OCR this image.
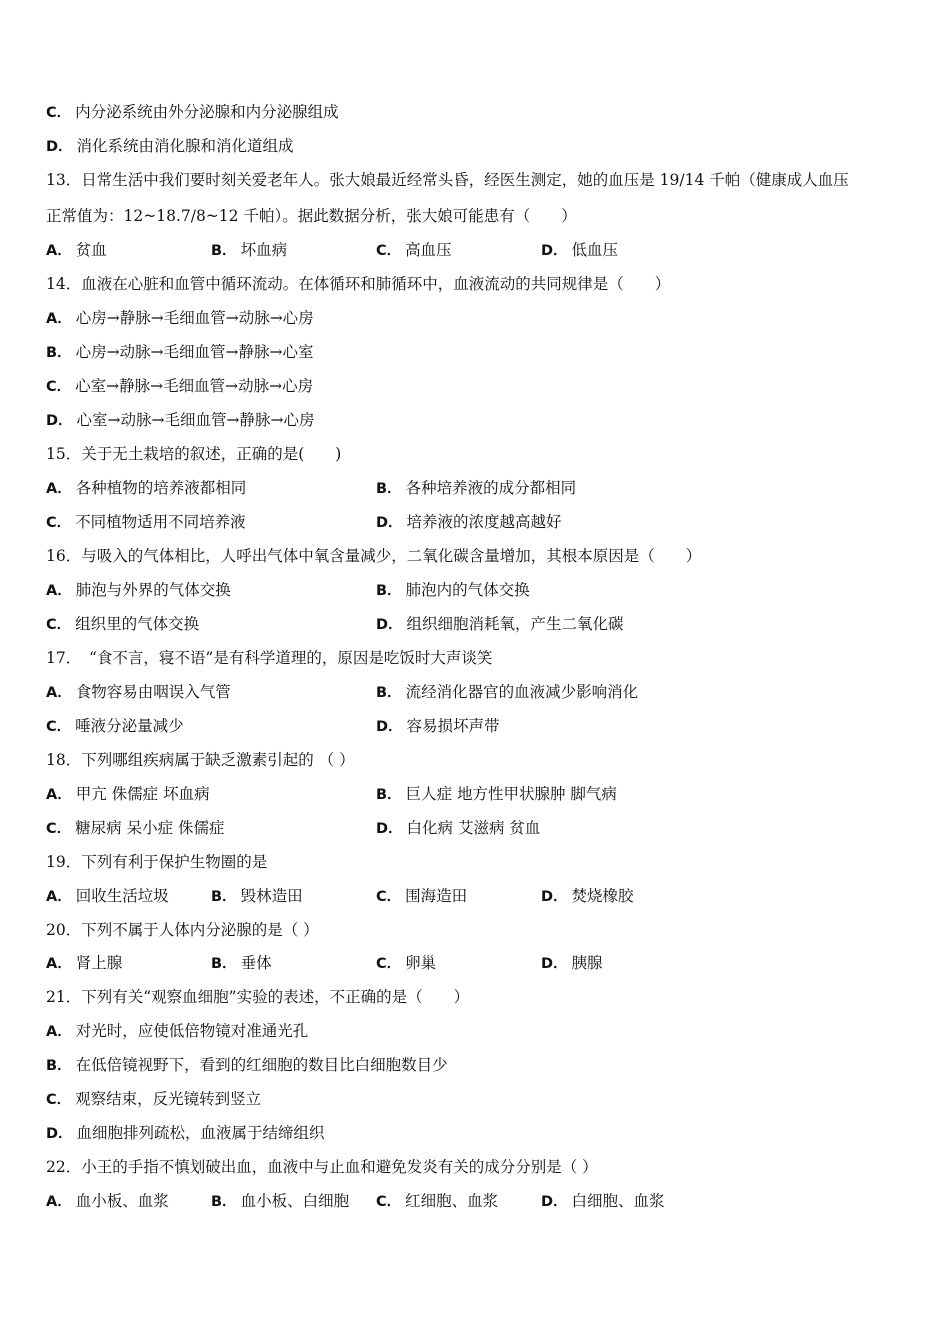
C． 内分泌系统由外分泌腺和内分泌腺组成
D． 消化系统由消化腺和消化道组成
13．日常生活中我们要时刻关爱老年人。张大娘最近经常头昏，经医生测定，她的血压是 19/14 千帕（健康成人血压
正常值为：12~18.7/8~12 千帕）。据此数据分析，张大娘可能患有（　　）
A． 贫血	B． 坏血病	C． 高血压	D． 低血压
14．血液在心脏和血管中循环流动。在体循环和肺循环中，血液流动的共同规律是（　　）
A． 心房→静脉→毛细血管→动脉→心房
B． 心房→动脉→毛细血管→静脉→心室
C． 心室→静脉→毛细血管→动脉→心房
D． 心室→动脉→毛细血管→静脉→心房
15．关于无土栽培的叙述，正确的是(　　)
A． 各种植物的培养液都相同	B． 各种培养液的成分都相同
C． 不同植物适用不同培养液	D． 培养液的浓度越高越好
16．与吸入的气体相比，人呼出气体中氧含量减少，二氧化碳含量增加，其根本原因是（　　）
A． 肺泡与外界的气体交换	B． 肺泡内的气体交换
C． 组织里的气体交换	D． 组织细胞消耗氧，产生二氧化碳
17．　“食不言，寝不语”是有科学道理的，原因是吃饭时大声谈笑
A． 食物容易由咽误入气管	B． 流经消化器官的血液减少影响消化
C． 唾液分泌量减少	D． 容易损坏声带
18．下列哪组疾病属于缺乏激素引起的 （ ）
A． 甲亢 侏儒症 坏血病	B． 巨人症 地方性甲状腺肿 脚气病
C． 糖尿病 呆小症 侏儒症	D． 白化病 艾滋病 贫血
19．下列有利于保护生物圈的是
A． 回收生活垃圾	B． 毁林造田	C． 围海造田	D． 焚烧橡胶
20．下列不属于人体内分泌腺的是（ ）
A． 肾上腺	B． 垂体	C． 卵巢	D． 胰腺
21．下列有关“观察血细胞”实验的表述，不正确的是（　　）
A． 对光时，应使低倍物镜对准通光孔
B． 在低倍镜视野下，看到的红细胞的数目比白细胞数目少
C． 观察结束，反光镜转到竖立
D． 血细胞排列疏松，血液属于结缔组织
22．小王的手指不慎划破出血，血液中与止血和避免发炎有关的成分分别是（ ）
A． 血小板、血浆	B． 血小板、白细胞 C． 红细胞、血浆	D． 白细胞、血浆
